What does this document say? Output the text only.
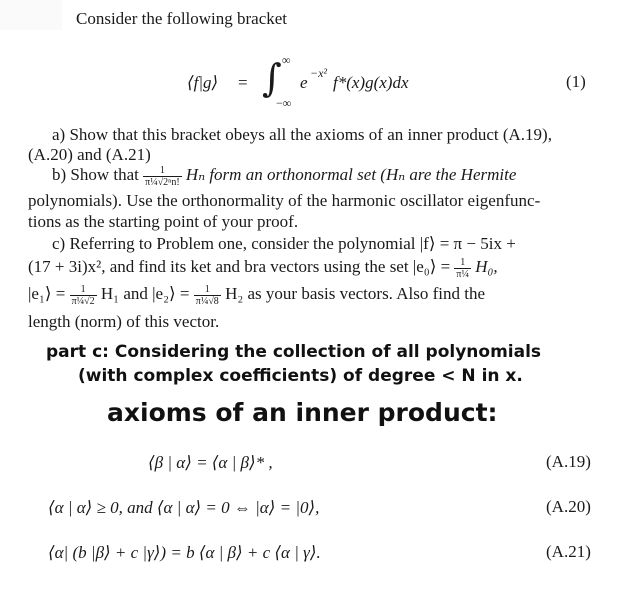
Consider the following bracket
⟨f|g⟩ = ∫ ∞
−∞
e −x² f*(x)g(x)dx	(1)
a) Show that this bracket obeys all the axioms of an inner product (A.19),
(A.20) and (A.21)
b) Show that $\frac{1}{\text{π¼√2ⁿn!}}$ Hₙ form an orthonormal set (Hₙ are the Hermite
polynomials). Use the orthonormality of the harmonic oscillator eigenfunc-
tions as the starting point of your proof.
c) Referring to Problem one, consider the polynomial |f⟩ = π − 5ix +
(17 + 3i)x², and find its ket and bra vectors using the set |e₀⟩ = $\frac{1}{\text{π¼}} H_0$,
|e₁⟩ = $\frac{1}{\text{π¼√2}} H_1$ and |e₂⟩ = $\frac{1}{\text{π¼√8}} H_2$ as your basis vectors. Also find the
length (norm) of this vector.
part c: Considering the collection of all polynomials
(with complex coefficients) of degree < N in x.
axioms of an inner product:
⟨β | α⟩ = ⟨α | β⟩* ,	(A.19)
⟨α | α⟩ ≥ 0, and ⟨α | α⟩ = 0 ⇔ |α⟩ = |0⟩,	(A.20)
⟨α| (b |β⟩ + c |γ⟩) = b ⟨α | β⟩ + c ⟨α | γ⟩.	(A.21)
